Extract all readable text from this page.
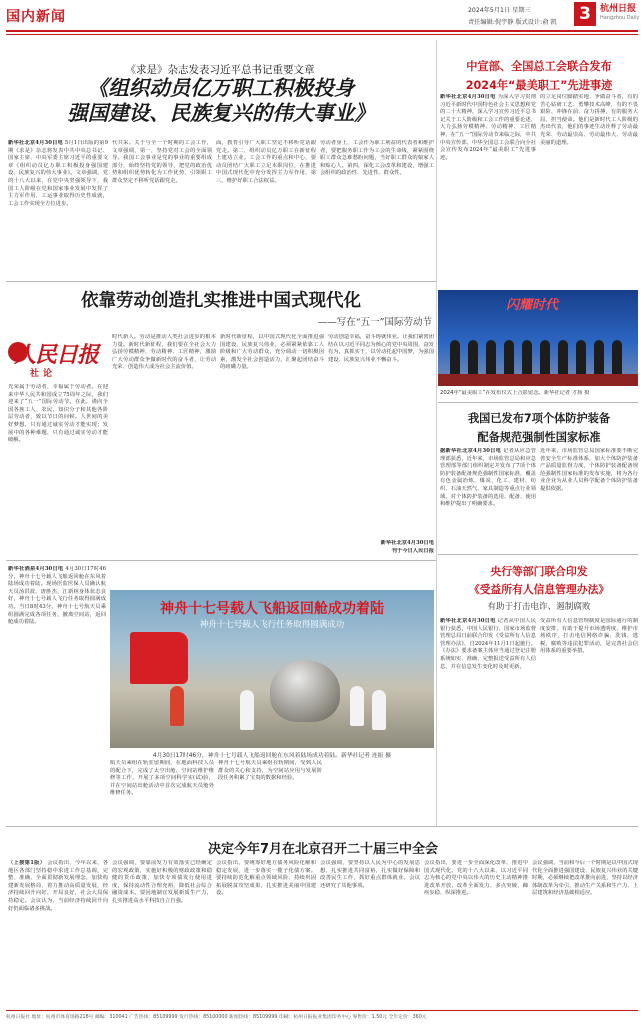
国内新闻	2024年5月1日 星期三
责任编辑:倪宇静 版式设计:俞 凯 3	杭州日报
Hangzhou Daily
《求是》杂志发表习近平总书记重要文章
《组织动员亿万职工积极投身
强国建设、民族复兴的伟大事业》
新华社北京4月30日电 5月1日出版的第9期《求是》杂志将发表中共中央总书记、国家主席、中央军委主席习近平的重要文章《组织动员亿万职工积极投身强国建设、民族复兴的伟大事业》。文章强调，党的十八大以来，在党中央坚强领导下，我国工人阶级在党和国家事业发展中发挥了主力军作用，工运事业取得历史性成就，工会工作实现全方位进步。
代共采。关于与全一个时期的工会工作，文章强调，第一，坚持党对工会的全面领导。我国工会事业是党的事业的重要组成部分，始终坚持党的领导，把党的政治优势和组织优势转化为工作优势，引领职工群众坚定不移听党话跟党走。
面，教育引导广大职工坚定不移听党话跟党走。第二，组织动员亿万职工在新征程上建功立业。工会工作的重点和中心，要动员团结广大职工立足本职岗位，在推进中国式现代化中充分发挥主力军作用，第三，维护好职工合法权益。
劳动者身上，工会作为职工利益的代表者和维护者，要把服务职工作为工会的生命线，紧紧围绕职工群众急难愁盼问题，当好职工群众的娘家人和贴心人。第四，深化工会改革和建设，增强工会组织的政治性、先进性、群众性。
依靠劳动创造扎实推进中国式现代化
——写在“五一”国际劳动节
人民日报
社论
光荣属于劳动者，幸福属于劳动者。在迎来中华人民共和国成立75周年之际，我们迎来了“五一”国际劳动节。在此，谨向全国各族工人、农民、知识分子和其他各阶层劳动者，致以节日的问候。人世间的美好梦想，只有通过诚实劳动才能实现；发展中的各种难题，只有通过诚实劳动才能破解。
时代新人。劳动是推动人类社会进步的根本力量。新时代新征程，我们要在全社会大力弘扬劳模精神、劳动精神、工匠精神，激励广大劳动群众争做新时代的奋斗者，让劳动光荣、创造伟大成为社会主流价值。
新时代新征程，以中国式现代化全面推进强国建设、民族复兴伟业，必须紧紧依靠工人阶级和广大劳动群众，充分调动一切积极因素，激发全社会创造活力，汇聚起团结奋斗的磅礴力量。
劳动创造幸福，奋斗铸就伟业。让我们紧密团结在以习近平同志为核心的党中央周围，奋发有为，真抓实干，以劳动托起中国梦，为强国建设、民族复兴伟业不懈奋斗。
新华社北京4月30日电
刊于今日人民日报
新华社酒泉4月30日电 4月30日17时46分，神舟十七号载人飞船返回舱在东风着陆场成功着陆。现场医监医保人员确认航天员汤洪波、唐胜杰、江新林身体状态良好，神舟十七号载人飞行任务取得圆满成功。当日8时43分，神舟十七号航天员乘组圆满完成各项任务，撤离空间站，返回舱成功着陆。
神舟十七号载人飞船返回舱成功着陆
神舟十七号载人飞行任务取得圆满成功
4月30日17时46分，神舟十七号载人飞船返回舱在东风着陆场成功着陆。新华社记者 连振 摄
航天员乘组在轨驻留期间，在地面科技人员的配合下，完成了太空出舱、空间站维护维修等工作，开展了多项空间科学实(试)验，并在空间站出舱活动中首次完成航天员舱外维修任务。
神舟十七号航天员乘组在轨期间，受到人民群众的关心和支持，为空间站应用与发展阶段任务积累了宝贵的数据和经验。
中宣部、全国总工会联合发布
2024年“最美职工”先进事迹
新华社北京4月30日电 为深入学习贯彻习近平新时代中国特色社会主义思想和党的二十大精神，深入学习宣传习近平总书记关于工人阶级和工会工作的重要论述，大力弘扬劳模精神、劳动精神、工匠精神，在“五一”国际劳动节来临之际，中共中央宣传部、中华全国总工会联合向全社会宣传发布2024年“最美职工”先进事迹。
的立足岗位脚踏实地、争做奋斗者，有的苦心钻研工艺、勇攀技术高峰，有的不畏艰险、冲锋在前、奋力拼搏，有的服务大局、担当使命。他们是新时代工人阶级的杰出代表，他们的事迹生动诠释了劳动最光荣、劳动最崇高、劳动最伟大、劳动最美丽的道理。
闪耀时代
2024年“最美职工”在发布仪式上合影留念。新华社记者 才扬 摄
我国已发布7项个体防护装备
配备规范强制性国家标准
据新华社北京4月30日电 记者从应急管理部获悉，近年来，市场监管总局和应急管理部等部门组织制定并发布了7项个体防护装备配备规范强制性国家标准，覆盖有色金属冶炼、煤炭、化工、建材、纺织、石油天然气、家具制造等重点行业领域，对个体防护装备的选用、配备、使用和维护提出了明确要求。
近年来，市场监管总局国家标准委不断完善安全生产标准体系，加大个体防护装备产品质量监督力度，个体防护装备配备规范强制性国家标准的发布实施，将为各行业企业为从业人员科学配备个体防护装备提供依据。
央行等部门联合印发
《受益所有人信息管理办法》
有助于打击电诈、遏制腐败
新华社北京4月30日电 记者从中国人民银行获悉，中国人民银行、国家市场监督管理总局日前联合印发《受益所有人信息管理办法》，自2024年11月1日起施行。《办法》要求备案主体应当通过登记注册系统如实、准确、完整报送受益所有人信息，并在信息发生变化时及时更新。
受益所有人信息管理制度是国际通行的制度安排，有助于提升市场透明度，维护市场秩序，打击电信网络诈骗、洗钱、逃税、腐败等违法犯罪活动，是完善社会信用体系的重要举措。
决定今年7月在北京召开二十届三中全会
（上接第1版） 会议指出，今年以来，各地区各部门坚持稳中求进工作总基调，完整、准确、全面贯彻新发展理念，加快构建新发展格局，着力推动高质量发展，经济持续回升向好，开局良好，社会大局保持稳定。会议认为，当前经济持续回升向好仍面临诸多挑战。
会议强调，要靠前发力有效落实已经确定的宏观政策，实施好积极的财政政策和稳健的货币政策，加快专项债发行使用进度，保持流动性合理充裕，降低社会综合融资成本。要因地制宜发展新质生产力，扎实推进高水平科技自立自强。
会议指出，要统筹好地方债务风险化解和稳定发展，进一步落实一揽子化债方案。要持续防范化解重点领域风险，持续巩固拓展脱贫攻坚成果，扎实推进美丽中国建设。
会议强调，要坚持以人民为中心的发展思想，扎实推进共同富裕，扎实做好保障和改善民生工作，抓好重点群体就业。会议还研究了其他事项。
会议指出，要进一步全面深化改革、推进中国式现代化。党的十八大以来，以习近平同志为核心的党中央以伟大的历史主动精神推进改革开放，改革全面发力、多点突破、蹄疾步稳、纵深推进。
会议强调，当前和今后一个时期是以中国式现代化全面推进强国建设、民族复兴伟业的关键时期，必须继续把改革推向前进，坚持以经济体制改革为牵引，推动生产关系和生产力、上层建筑和经济基础相适应。
杭州日报社 地址：杭州市体育场路218号 邮编：310041 广告热线：85109999 发行热线：85100000 新闻热线：85109999 印刷：杭州日报报业集团印务中心 零售价：1.50元 全年定价：360元
